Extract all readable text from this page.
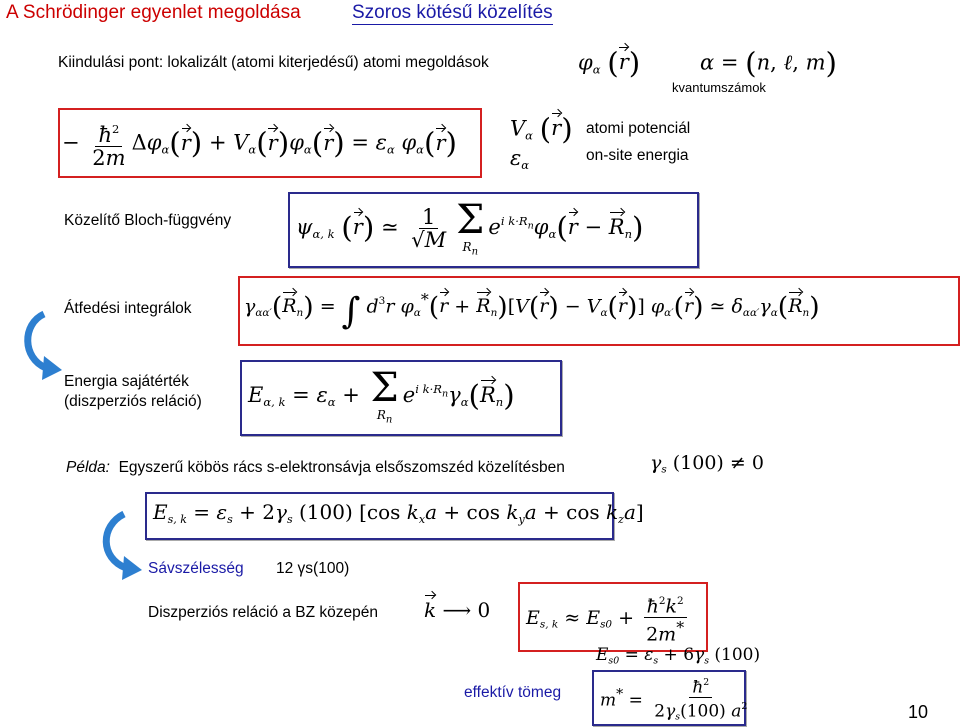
A Schrödinger egyenlet megoldása	Szoros kötésű közelítés
Kiindulási pont: lokalizált (atomi kiterjedésű) atomi megoldások	$\varphi_\alpha$ (r)	α = (n, ℓ, m)
kvantumszámok
− $\frac{ħ^2}{2m} \Delta\varphi_\alpha(r) + V_\alpha(r)\varphi_\alpha(r) = \varepsilon_\alpha$ $\varphi_\alpha(r)$	$V_\alpha$ (r)
$\varepsilon_\alpha$
atomi potenciál
on-site energia
Közelítő Bloch-függvény	$\psi_{\alpha, k}$ (r) ≃ $\frac{1}{√M}$ Σ
$R_n$
$e^{i k\cdot R_n}\varphi_\alpha(r - R_n)$
Átfedési integrálok	$\gamma_{\alpha\alpha'}(R_n)$ = ∫ $d^3r$ $\varphi_\alpha^*(r + R_n)[V(r) - V_\alpha(r)]$ $\varphi_{\alpha'}(r)$ ≃ $\delta_{\alpha\alpha'}\gamma_\alpha(R_n)$
Energia sajátérték
(diszperziós reláció) $E_{\alpha, k} = \varepsilon_\alpha + \Sigma$
$R_n$
$e^{i k\cdot R_n}\gamma_\alpha(R_n)$
Példa: Egyszerű köbös rács s-elektronsávja elsőszomszéd közelítésben	$\gamma_s$ (100) ≠ 0
$E_{s, k} = \varepsilon_s + 2\gamma_s$ (100) [cos $k_xa + \cos k_ya + \cos k_za$]
Sávszélesség 12 γs(100)
Diszperziós reláció a BZ közepén k ⟶ 0 $E_{s, k} \approx E_{s0} + \frac{ħ^2k^2}{2m^*}$
$E_{s0} = \varepsilon_s + 6\gamma_s$ (100)
effektív tömeg $m^* = \frac{ħ^2}{2\gamma_s(100) a^2}$	10
